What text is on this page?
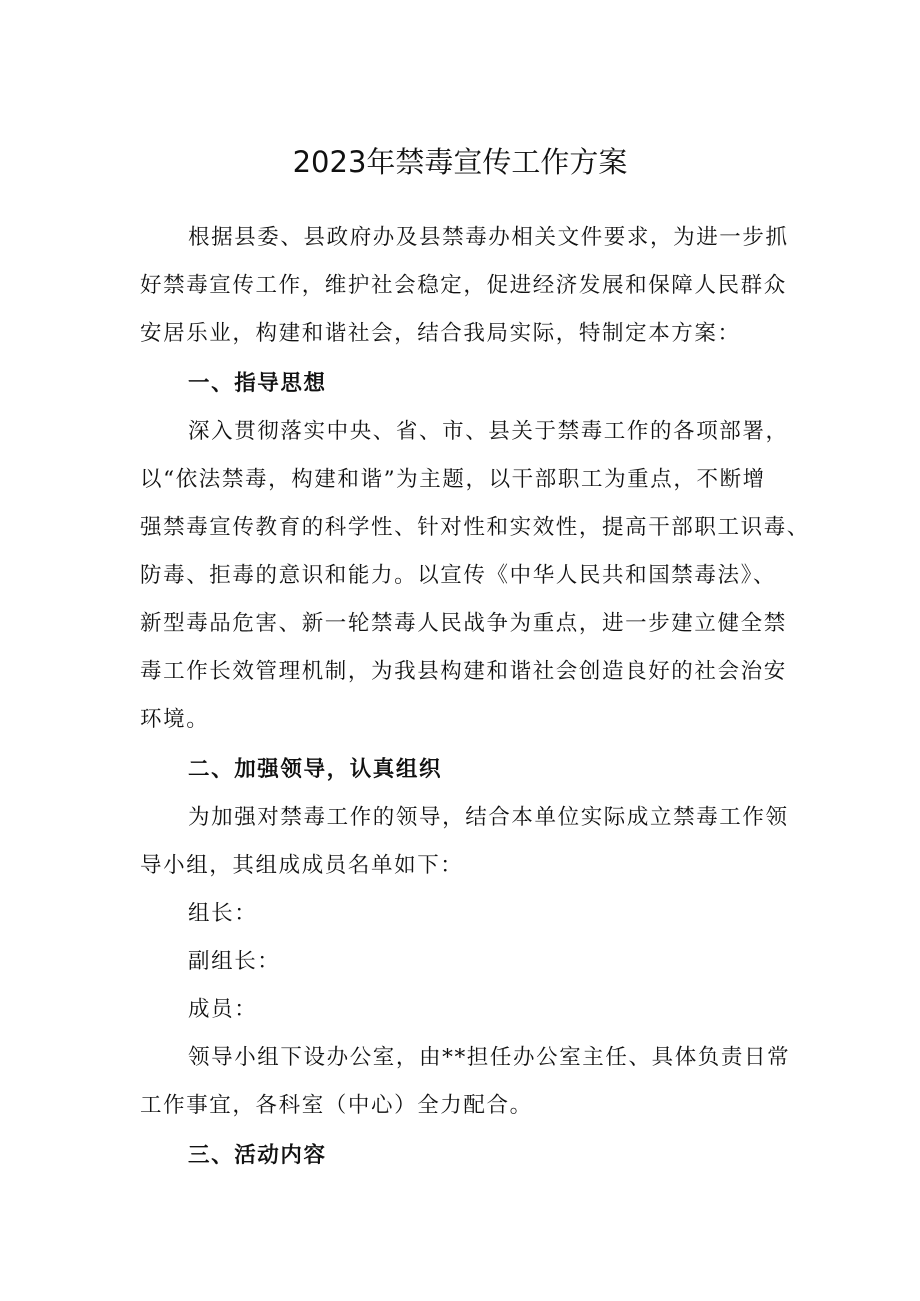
2023年禁毒宣传工作方案

根据县委、县政府办及县禁毒办相关文件要求，为进一步抓
好禁毒宣传工作，维护社会稳定，促进经济发展和保障人民群众
安居乐业，构建和谐社会，结合我局实际，特制定本方案：

一、指导思想

深入贯彻落实中央、省、市、县关于禁毒工作的各项部署，
以“依法禁毒，构建和谐”为主题，以干部职工为重点，不断增
强禁毒宣传教育的科学性、针对性和实效性，提高干部职工识毒、
防毒、拒毒的意识和能力。以宣传《中华人民共和国禁毒法》、
新型毒品危害、新一轮禁毒人民战争为重点，进一步建立健全禁
毒工作长效管理机制，为我县构建和谐社会创造良好的社会治安
环境。

二、加强领导，认真组织

为加强对禁毒工作的领导，结合本单位实际成立禁毒工作领
导小组，其组成成员名单如下：

组长：

副组长：

成员：

领导小组下设办公室，由**担任办公室主任、具体负责日常
工作事宜，各科室（中心）全力配合。

三、活动内容
